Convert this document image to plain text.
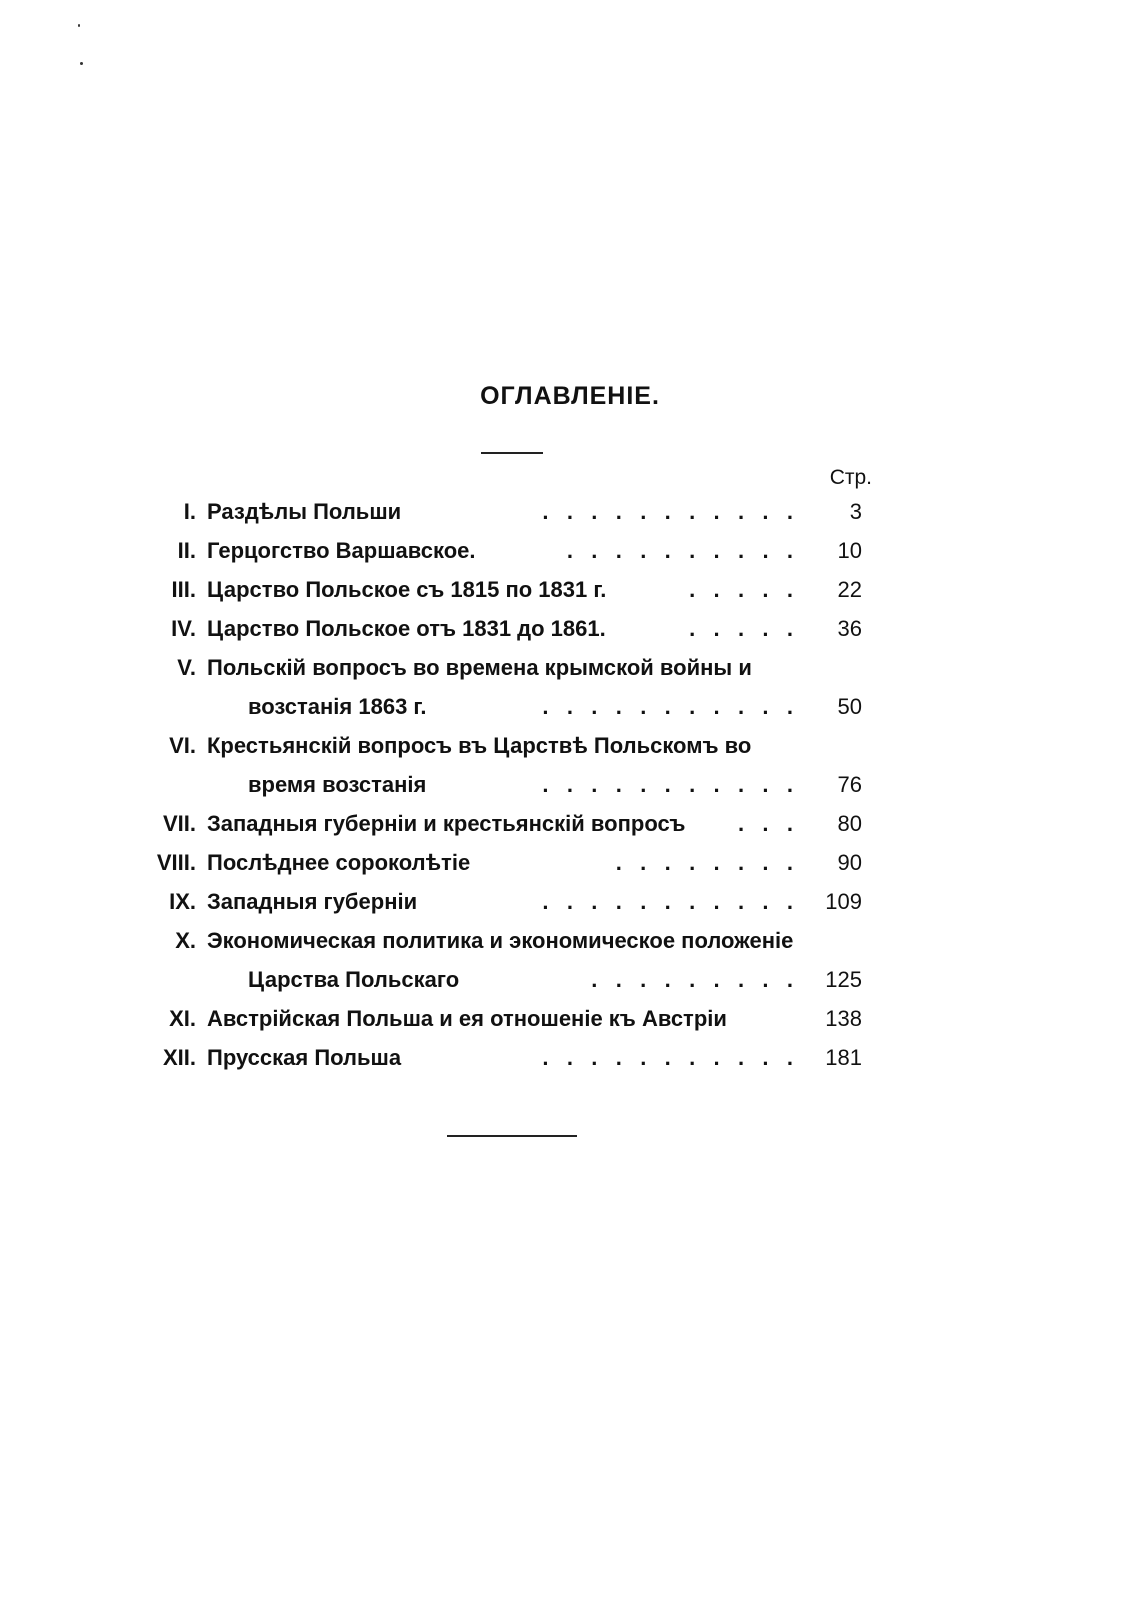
ОГЛАВЛЕНIЕ.
Стр.
I. Раздѣлы Польши	.   .   .   .   .   .   .   .   .   .   .	3
II. Герцогство Варшавское.	.   .   .   .   .   .   .   .   .   . 10
III. Царство Польское съ 1815 по 1831 г.	.   .   .   .   . 22
IV. Царство Польское отъ 1831 до 1861.	.   .   .   .   . 36
V. Польскій вопросъ во времена крымской войны и
возстанія 1863 г.	.   .   .   .   .   .   .   .   .   .   . 50
VI. Крестьянскій вопросъ въ Царствѣ Польскомъ во
время возстанія	.   .   .   .   .   .   .   .   .   .   . 76
VII. Западныя губерніи и крестьянскій вопросъ .   .   . 80
VIII. Послѣднее сороколѣтіе	.   .   .   .   .   .   .   . 90
IX. Западныя губерніи	.   .   .   .   .   .   .   .   .   .   . 109
X. Экономическая политика и экономическое положеніе
Царства Польскаго	.   .   .   .   .   .   .   .   . 125
XI. Австрійская Польша и ея отношеніе къ Австріи	138
XII. Прусская Польша	.   .   .   .   .   .   .   .   .   .   . 181
